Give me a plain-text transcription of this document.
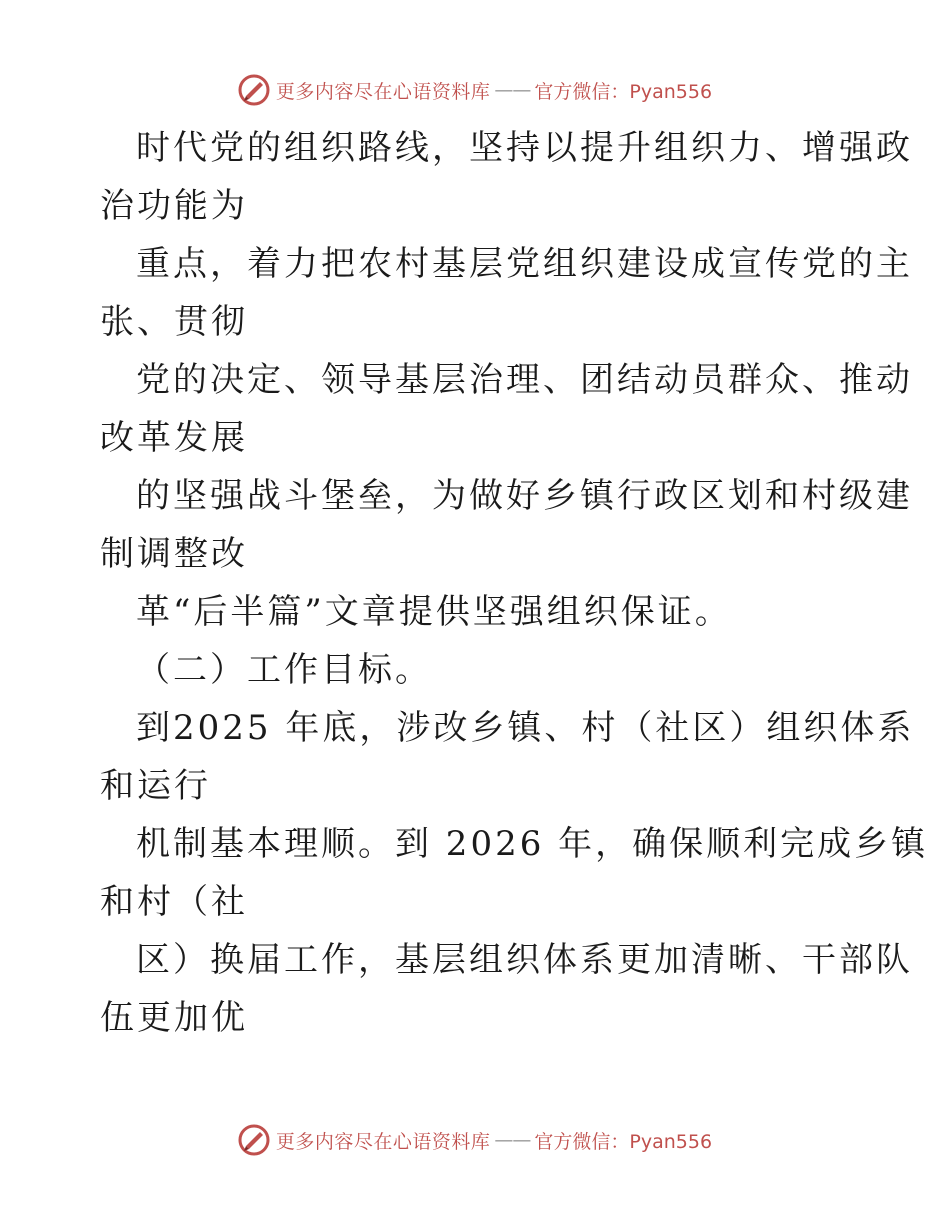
更多内容尽在心语资料库 —— 官方微信：Pyan556
时代党的组织路线，坚持以提升组织力、增强政
治功能为
重点，着力把农村基层党组织建设成宣传党的主
张、贯彻
党的决定、领导基层治理、团结动员群众、推动
改革发展
的坚强战斗堡垒，为做好乡镇行政区划和村级建
制调整改
革“后半篇”文章提供坚强组织保证。
（二）工作目标。
到2025 年底，涉改乡镇、村（社区）组织体系
和运行
机制基本理顺。到 2026 年，确保顺利完成乡镇
和村（社
区）换届工作，基层组织体系更加清晰、干部队
伍更加优
更多内容尽在心语资料库 —— 官方微信：Pyan556
